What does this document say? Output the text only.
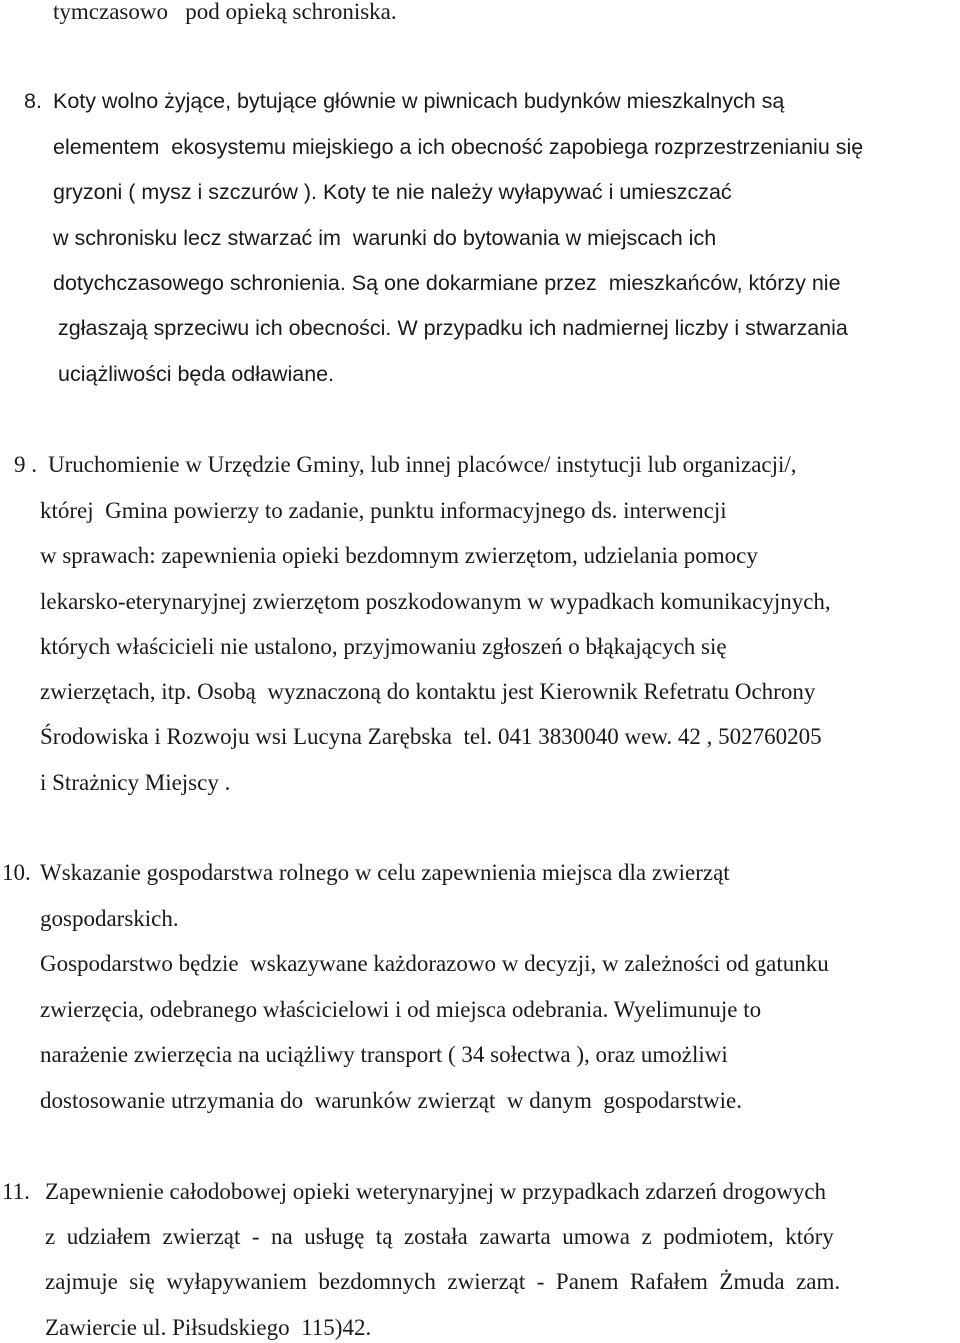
tymczasowo   pod opieką schroniska.
8. Koty wolno żyjące, bytujące głównie w piwnicach budynków mieszkalnych są
elementem  ekosystemu miejskiego a ich obecność zapobiega rozprzestrzenianiu się
gryzoni ( mysz i szczurów ). Koty te nie należy wyłapywać i umieszczać
w schronisku lecz stwarzać im  warunki do bytowania w miejscach ich
dotychczasowego schronienia. Są one dokarmiane przez  mieszkańców, którzy nie
zgłaszają sprzeciwu ich obecności. W przypadku ich nadmiernej liczby i stwarzania
uciążliwości będa odławiane.
9 . Uruchomienie w Urzędzie Gminy, lub innej placówce/ instytucji lub organizacji/,
której  Gmina powierzy to zadanie, punktu informacyjnego ds. interwencji
w sprawach: zapewnienia opieki bezdomnym zwierzętom, udzielania pomocy
lekarsko-eterynaryjnej zwierzętom poszkodowanym w wypadkach komunikacyjnych,
których właścicieli nie ustalono, przyjmowaniu zgłoszeń o błąkających się
zwierzętach, itp. Osobą  wyznaczoną do kontaktu jest Kierownik Refetratu Ochrony
Środowiska i Rozwoju wsi Lucyna Zarębska  tel. 041 3830040 wew. 42 , 502760205
i Strażnicy Miejscy .
10. Wskazanie gospodarstwa rolnego w celu zapewnienia miejsca dla zwierząt
gospodarskich.
Gospodarstwo będzie  wskazywane każdorazowo w decyzji, w zależności od gatunku
zwierzęcia, odebranego właścicielowi i od miejsca odebrania. Wyelimunuje to
narażenie zwierzęcia na uciążliwy transport ( 34 sołectwa ), oraz umożliwi
dostosowanie utrzymania do  warunków zwierząt  w danym  gospodarstwie.
11. Zapewnienie całodobowej opieki weterynaryjnej w przypadkach zdarzeń drogowych
z  udziałem  zwierząt  -  na  usługę  tą  została  zawarta  umowa  z  podmiotem,  który
zajmuje  się  wyłapywaniem  bezdomnych  zwierząt  -  Panem  Rafałem  Żmuda  zam.
Zawiercie ul. Piłsudskiego  115)42.
